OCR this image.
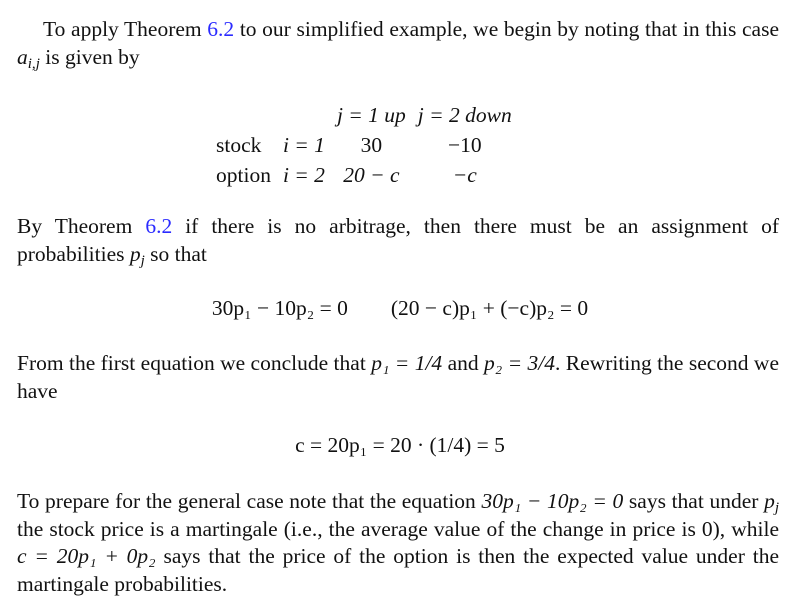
To apply Theorem 6.2 to our simplified example, we begin by noting that in this case $a_{i,j}$ is given by
		j = 1 up	j = 2 down
stock	i = 1	30	−10
option	i = 2	20 − c	−c
By Theorem 6.2 if there is no arbitrage, then there must be an assignment of probabilities $p_j$ so that
30p₁ − 10p₂ = 0 (20 − c)p₁ + (−c)p₂ = 0
From the first equation we conclude that p₁ = 1/4 and p₂ = 3/4. Rewriting the second we have
c = 20p₁ = 20 · (1/4) = 5
To prepare for the general case note that the equation 30p₁ − 10p₂ = 0 says that under $p_j$ the stock price is a martingale (i.e., the average value of the change in price is 0), while c = 20p₁ + 0p₂ says that the price of the option is then the expected value under the martingale probabilities.
